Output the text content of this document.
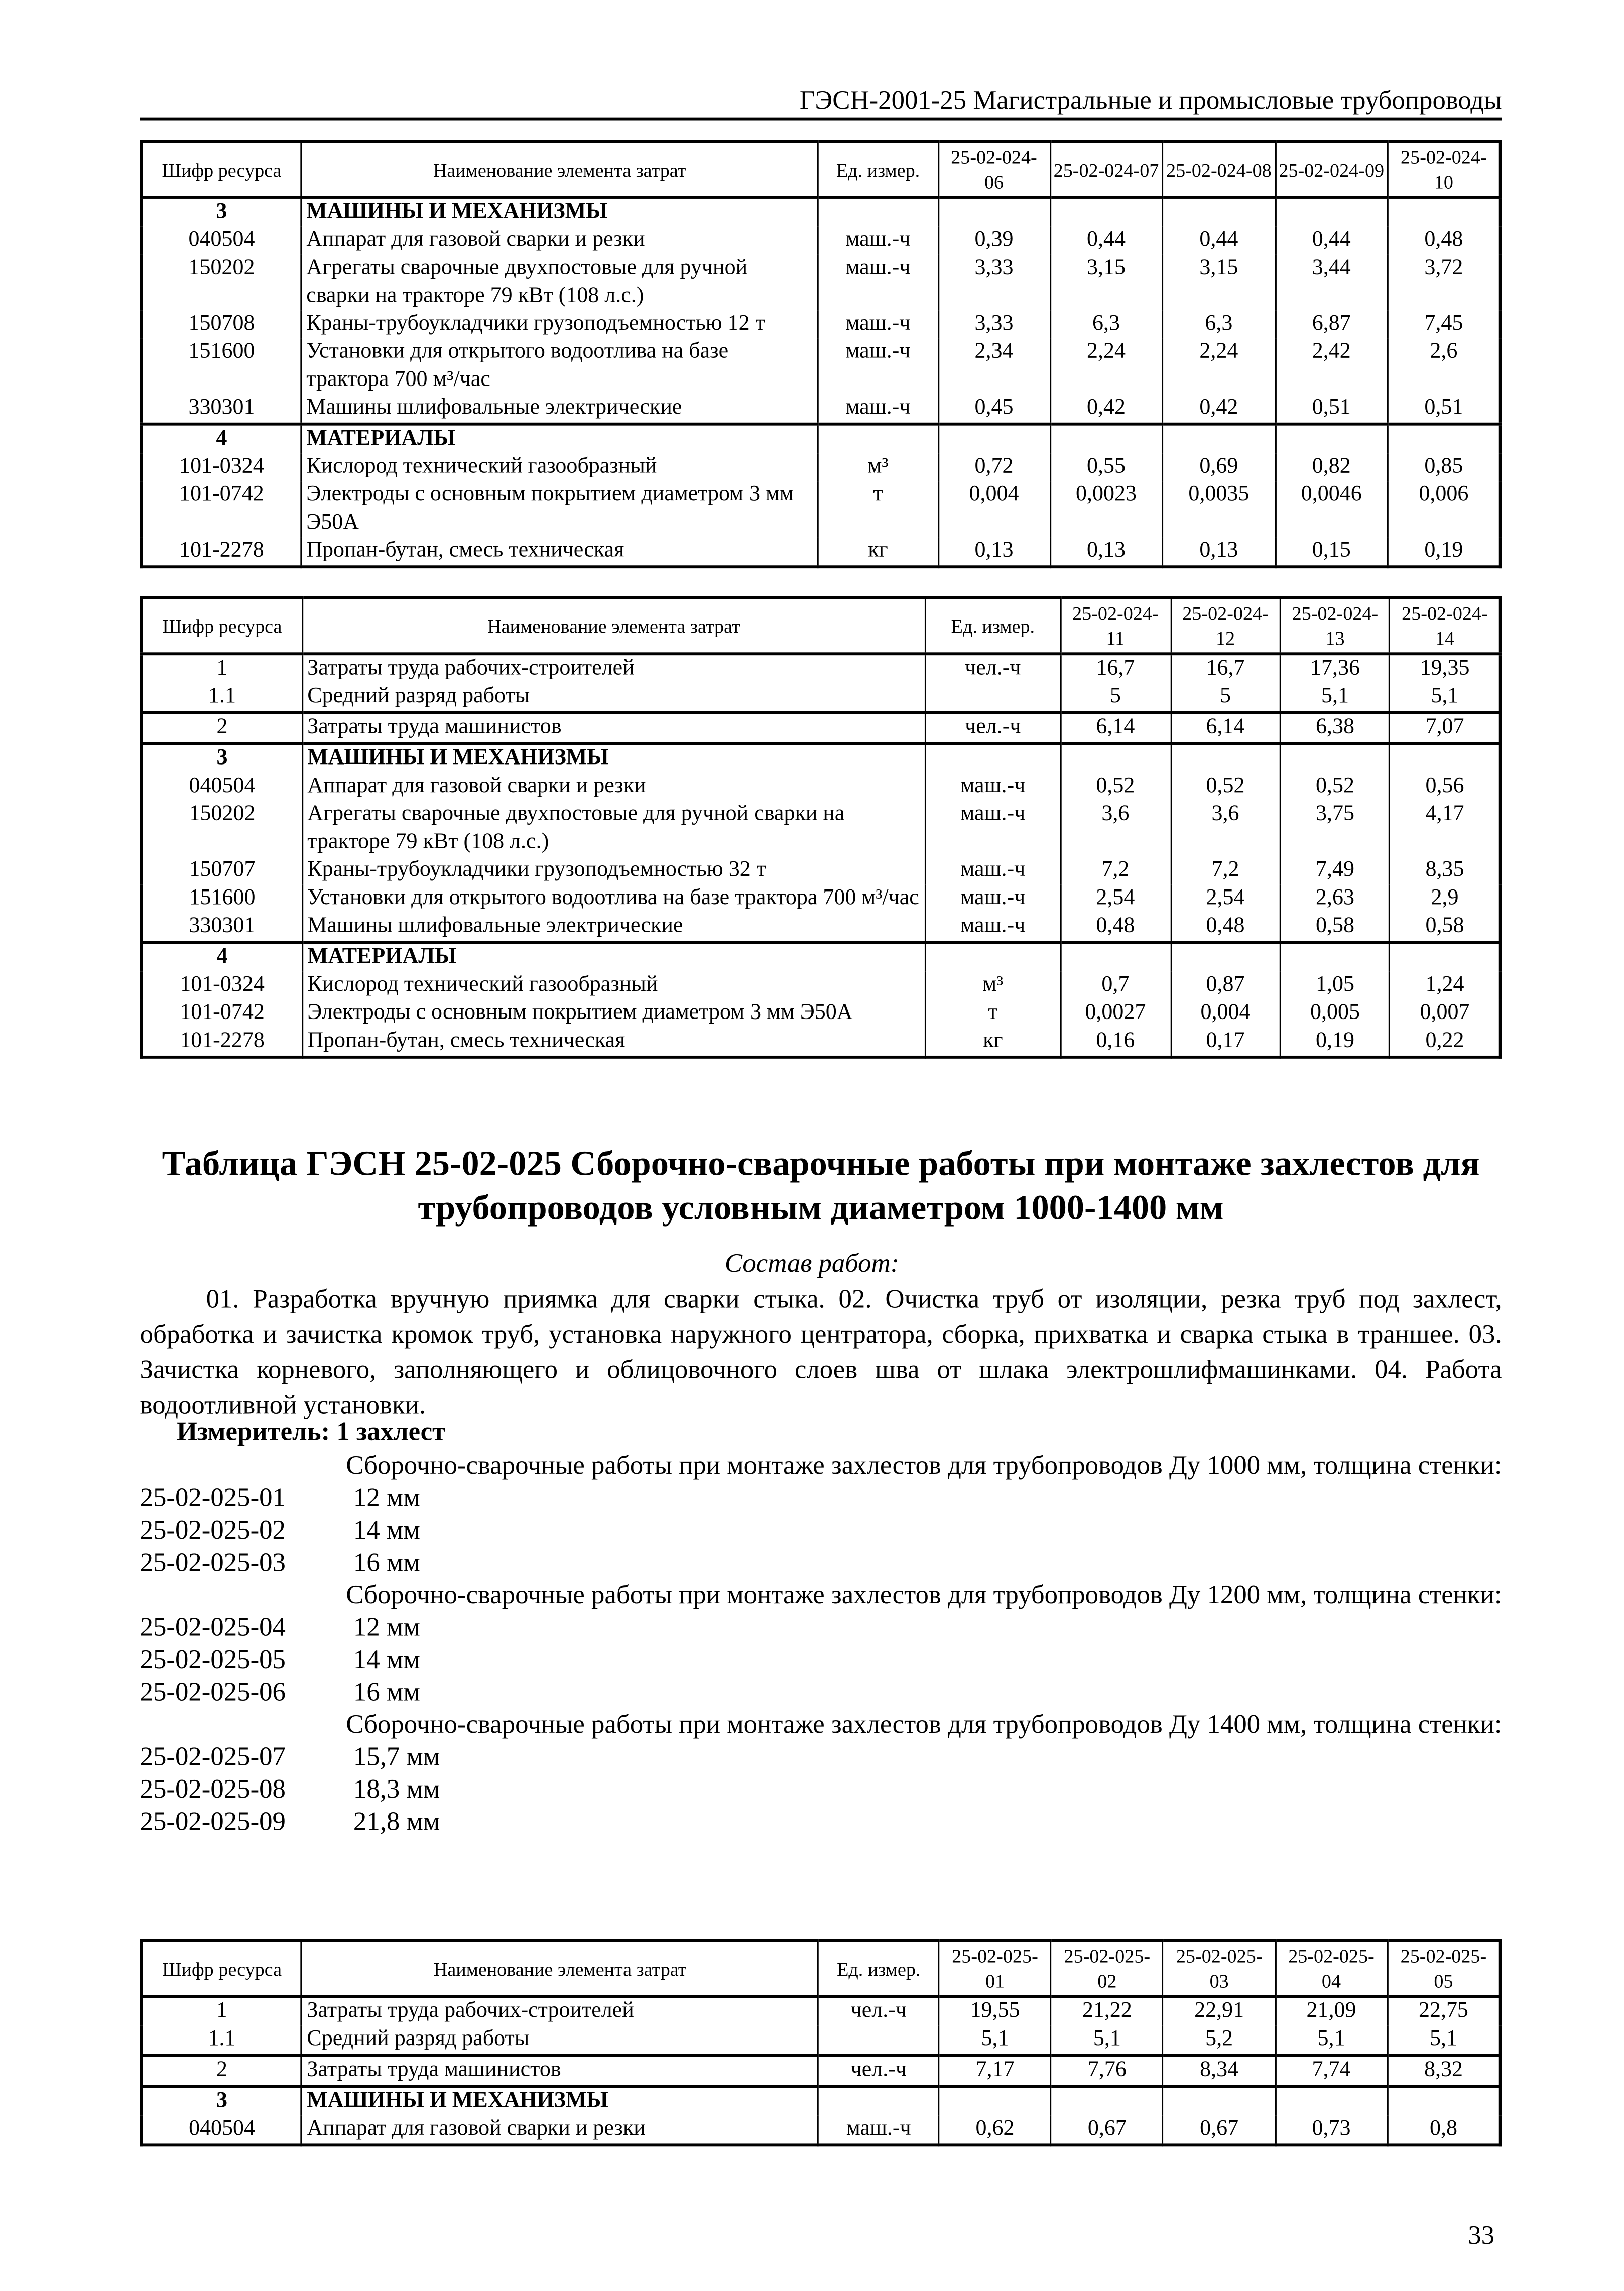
ГЭСН-2001-25 Магистральные и промысловые трубопроводы
Шифр ресурса	Наименование элемента затрат	Ед. измер.	25-02-024-06	25-02-024-07	25-02-024-08	25-02-024-09	25-02-024-10
3	МАШИНЫ И МЕХАНИЗМЫ						
040504	Аппарат для газовой сварки и резки	маш.-ч	0,39	0,44	0,44	0,44	0,48
150202	Агрегаты сварочные двухпостовые для ручной сварки на тракторе 79 кВт (108 л.с.)	маш.-ч	3,33	3,15	3,15	3,44	3,72
150708	Краны-трубоукладчики грузоподъемностью 12 т	маш.-ч	3,33	6,3	6,3	6,87	7,45
151600	Установки для открытого водоотлива на базе трактора 700 м³/час	маш.-ч	2,34	2,24	2,24	2,42	2,6
330301	Машины шлифовальные электрические	маш.-ч	0,45	0,42	0,42	0,51	0,51
4	МАТЕРИАЛЫ						
101-0324	Кислород технический газообразный	м³	0,72	0,55	0,69	0,82	0,85
101-0742	Электроды с основным покрытием диаметром 3 мм Э50А	т	0,004	0,0023	0,0035	0,0046	0,006
101-2278	Пропан-бутан, смесь техническая	кг	0,13	0,13	0,13	0,15	0,19
Шифр ресурса	Наименование элемента затрат	Ед. измер.	25-02-024-11	25-02-024-12	25-02-024-13	25-02-024-14
1	Затраты труда рабочих-строителей	чел.-ч	16,7	16,7	17,36	19,35
1.1	Средний разряд работы		5	5	5,1	5,1
2	Затраты труда машинистов	чел.-ч	6,14	6,14	6,38	7,07
3	МАШИНЫ И МЕХАНИЗМЫ					
040504	Аппарат для газовой сварки и резки	маш.-ч	0,52	0,52	0,52	0,56
150202	Агрегаты сварочные двухпостовые для ручной сварки на тракторе 79 кВт (108 л.с.)	маш.-ч	3,6	3,6	3,75	4,17
150707	Краны-трубоукладчики грузоподъемностью 32 т	маш.-ч	7,2	7,2	7,49	8,35
151600	Установки для открытого водоотлива на базе трактора 700 м³/час	маш.-ч	2,54	2,54	2,63	2,9
330301	Машины шлифовальные электрические	маш.-ч	0,48	0,48	0,58	0,58
4	МАТЕРИАЛЫ					
101-0324	Кислород технический газообразный	м³	0,7	0,87	1,05	1,24
101-0742	Электроды с основным покрытием диаметром 3 мм Э50А	т	0,0027	0,004	0,005	0,007
101-2278	Пропан-бутан, смесь техническая	кг	0,16	0,17	0,19	0,22
Таблица ГЭСН 25-02-025 Сборочно-сварочные работы при монтаже захлестов для трубопроводов условным диаметром 1000-1400 мм
Состав работ:
01. Разработка вручную приямка для сварки стыка. 02. Очистка труб от изоляции, резка труб под захлест, обработка и зачистка кромок труб, установка наружного центратора, сборка, прихватка и сварка стыка в траншее. 03. Зачистка корневого, заполняющего и облицовочного слоев шва от шлака электрошлифмашинками. 04. Работа водоотливной установки.
Измеритель: 1 захлест
Сборочно-сварочные работы при монтаже захлестов для трубопроводов Ду 1000 мм, толщина стенки:
25-02-025-01	12 мм
25-02-025-02	14 мм
25-02-025-03	16 мм
Сборочно-сварочные работы при монтаже захлестов для трубопроводов Ду 1200 мм, толщина стенки:
25-02-025-04	12 мм
25-02-025-05	14 мм
25-02-025-06	16 мм
Сборочно-сварочные работы при монтаже захлестов для трубопроводов Ду 1400 мм, толщина стенки:
25-02-025-07	15,7 мм
25-02-025-08	18,3 мм
25-02-025-09	21,8 мм
Шифр ресурса	Наименование элемента затрат	Ед. измер.	25-02-025-01	25-02-025-02	25-02-025-03	25-02-025-04	25-02-025-05
1	Затраты труда рабочих-строителей	чел.-ч	19,55	21,22	22,91	21,09	22,75
1.1	Средний разряд работы		5,1	5,1	5,2	5,1	5,1
2	Затраты труда машинистов	чел.-ч	7,17	7,76	8,34	7,74	8,32
3	МАШИНЫ И МЕХАНИЗМЫ						
040504	Аппарат для газовой сварки и резки	маш.-ч	0,62	0,67	0,67	0,73	0,8
33
